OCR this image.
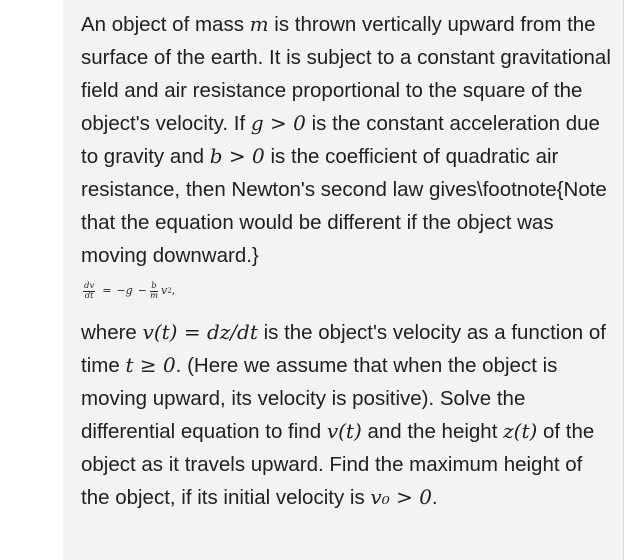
An object of mass m is thrown vertically upward from the surface of the earth. It is subject to a constant gravitational field and air resistance proportional to the square of the object's velocity. If g > 0 is the constant acceleration due to gravity and b > 0 is the coefficient of quadratic air resistance, then Newton's second law gives\footnote{Note that the equation would be different if the object was moving downward.}

$\frac{dv}{dt} = -g - \frac{b}{m}$ v 2 ,

where v(t) = dz/dt is the object's velocity as a function of time t ≥ 0. (Here we assume that when the object is moving upward, its velocity is positive). Solve the differential equation to find v(t) and the height z(t) of the object as it travels upward. Find the maximum height of the object, if its initial velocity is v₀ > 0.
